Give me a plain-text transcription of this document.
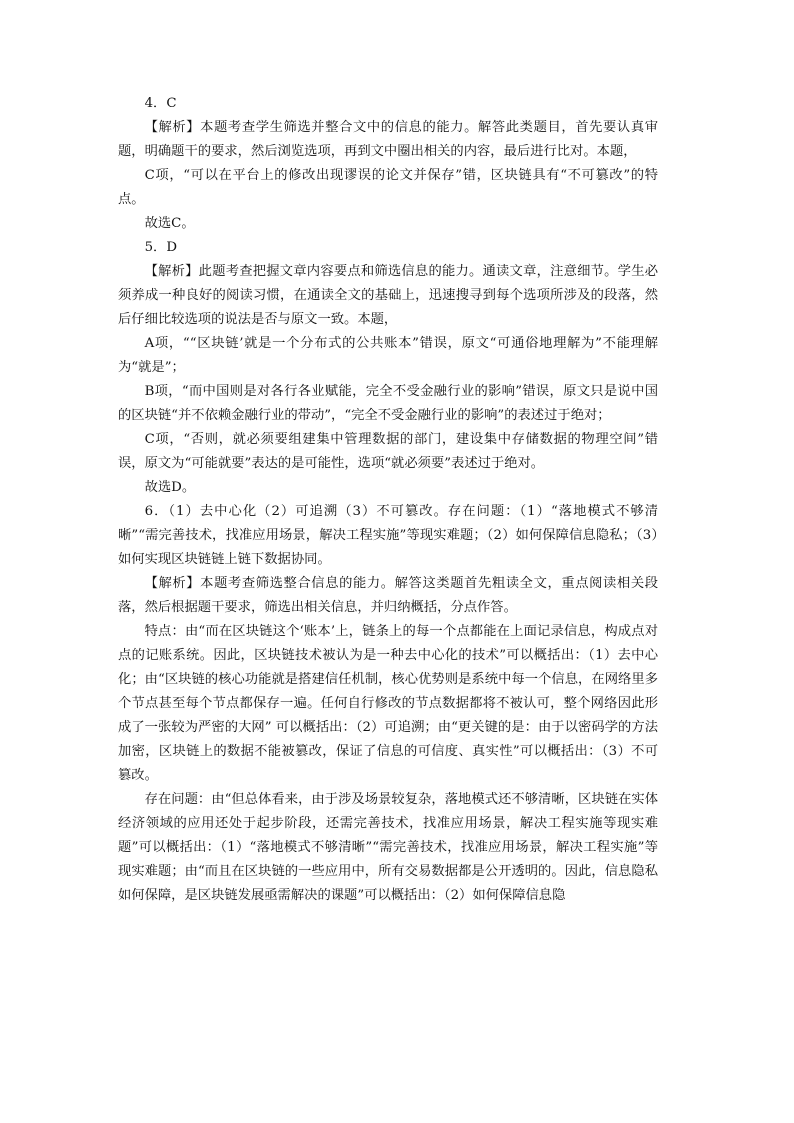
4．C

【解析】本题考查学生筛选并整合文中的信息的能力。解答此类题目，首先要认真审题，明确题干的要求，然后浏览选项，再到文中圈出相关的内容，最后进行比对。本题，

C项，“可以在平台上的修改出现谬误的论文并保存”错，区块链具有“不可篡改”的特点。

故选C。

5．D

【解析】此题考查把握文章内容要点和筛选信息的能力。通读文章，注意细节。学生必须养成一种良好的阅读习惯，在通读全文的基础上，迅速搜寻到每个选项所涉及的段落，然后仔细比较选项的说法是否与原文一致。本题，

A项，““区块链’就是一个分布式的公共账本”错误，原文“可通俗地理解为”不能理解为“就是”；

B项，“而中国则是对各行各业赋能，完全不受金融行业的影响”错误，原文只是说中国的区块链“并不依赖金融行业的带动”，“完全不受金融行业的影响”的表述过于绝对；

C项，“否则，就必须要组建集中管理数据的部门，建设集中存储数据的物理空间”错误，原文为“可能就要”表达的是可能性，选项“就必须要”表述过于绝对。

故选D。

6．（1）去中心化（2）可追溯（3）不可篡改。存在问题：（1）“落地模式不够清晰”“需完善技术，找准应用场景，解决工程实施”等现实难题；（2）如何保障信息隐私；（3）如何实现区块链链上链下数据协同。

【解析】本题考查筛选整合信息的能力。解答这类题首先粗读全文，重点阅读相关段落，然后根据题干要求，筛选出相关信息，并归纳概括，分点作答。

特点：由“而在区块链这个‘账本’上，链条上的每一个点都能在上面记录信息，构成点对点的记账系统。因此，区块链技术被认为是一种去中心化的技术”可以概括出：（1）去中心化；由“区块链的核心功能就是搭建信任机制，核心优势则是系统中每一个信息，在网络里多个节点甚至每个节点都保存一遍。任何自行修改的节点数据都将不被认可，整个网络因此形成了一张较为严密的大网” 可以概括出：（2）可追溯；由“更关键的是：由于以密码学的方法加密，区块链上的数据不能被篡改，保证了信息的可信度、真实性”可以概括出：（3）不可篡改。

存在问题：由“但总体看来，由于涉及场景较复杂，落地模式还不够清晰，区块链在实体经济领域的应用还处于起步阶段，还需完善技术，找准应用场景，解决工程实施等现实难题”可以概括出：（1）“落地模式不够清晰”“需完善技术，找准应用场景，解决工程实施”等现实难题；由“而且在区块链的一些应用中，所有交易数据都是公开透明的。因此，信息隐私如何保障，是区块链发展亟需解决的课题”可以概括出：（2）如何保障信息隐
